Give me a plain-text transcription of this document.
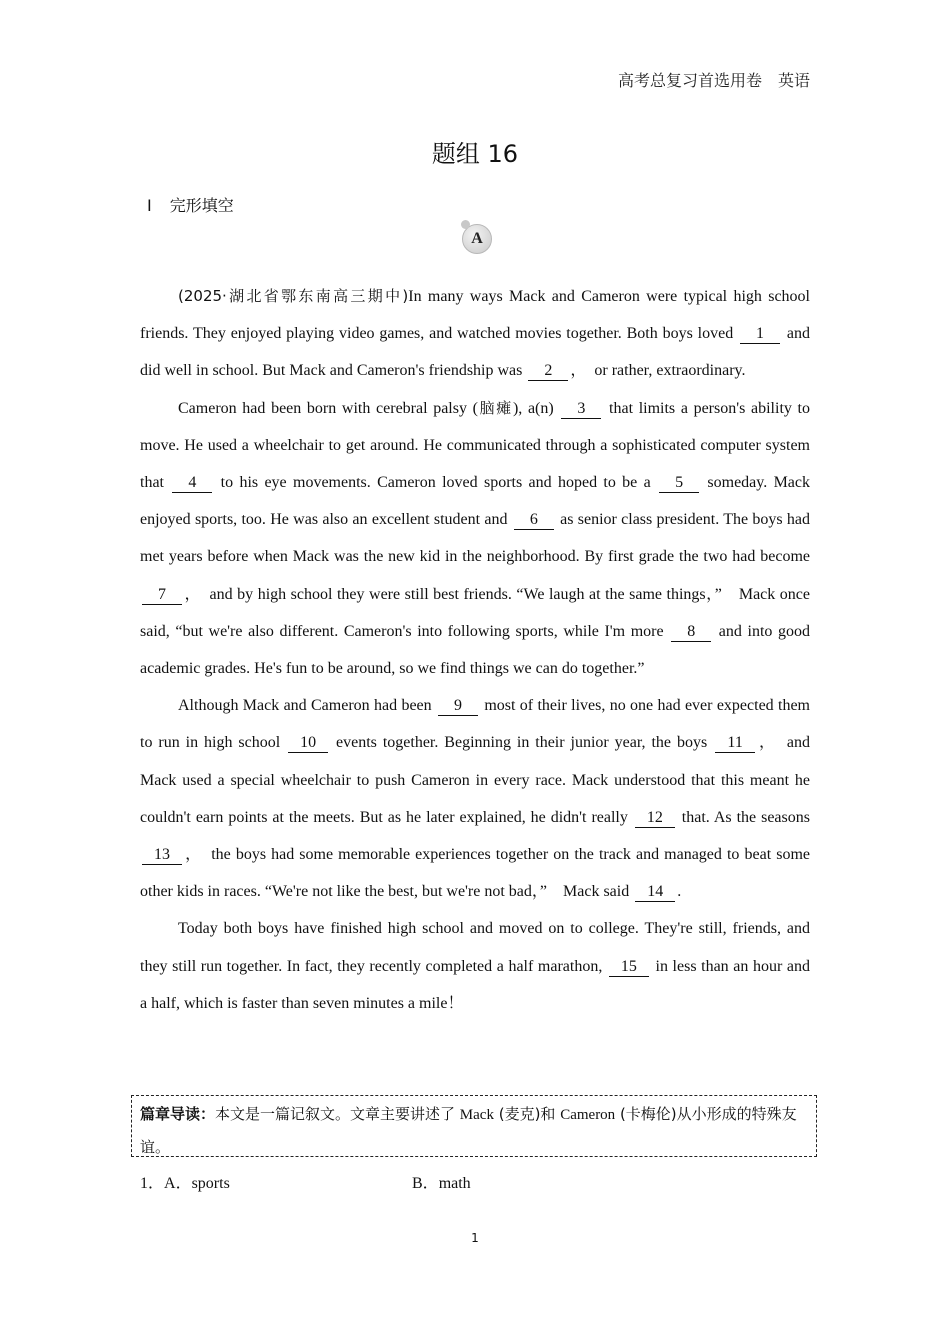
高考总复习首选用卷　英语
题组 16
Ⅰ 完形填空
A

(2025·湖北省鄂东南高三期中)In many ways Mack and Cameron were typical high school friends. They enjoyed playing video games, and watched movies together. Both boys loved 1 and did well in school. But Mack and Cameron's friendship was 2 ，　or rather, extraordinary.

Cameron had been born with cerebral palsy (脑瘫), a(n) 3 that limits a person's ability to move. He used a wheelchair to get around. He communicated through a sophisticated computer system that 4 to his eye movements. Cameron loved sports and hoped to be a 5 someday. Mack enjoyed sports, too. He was also an excellent student and 6 as senior class president. The boys had met years before when Mack was the new kid in the neighborhood. By first grade the two had become 7 ，　and by high school they were still best friends. “We laugh at the same things，”　Mack once said, “but we're also different. Cameron's into following sports, while I'm more 8 and into good academic grades. He's fun to be around, so we find things we can do together.”

Although Mack and Cameron had been 9 most of their lives, no one had ever expected them to run in high school 10 events together. Beginning in their junior year, the boys 11 ，　and Mack used a special wheelchair to push Cameron in every race. Mack understood that this meant he couldn't earn points at the meets. But as he later explained, he didn't really 12 that. As the seasons 13 ，　the boys had some memorable experiences together on the track and managed to beat some other kids in races. “We're not like the best, but we're not bad，”　Mack said 14 .

Today both boys have finished high school and moved on to college. They're still, friends, and they still run together. In fact, they recently completed a half marathon, 15 in less than an hour and a half, which is faster than seven minutes a mile！

篇章导读：本文是一篇记叙文。文章主要讲述了 Mack (麦克)和 Cameron (卡梅伦)从小形成的特殊友谊。
1．A．sports	B．math
1
